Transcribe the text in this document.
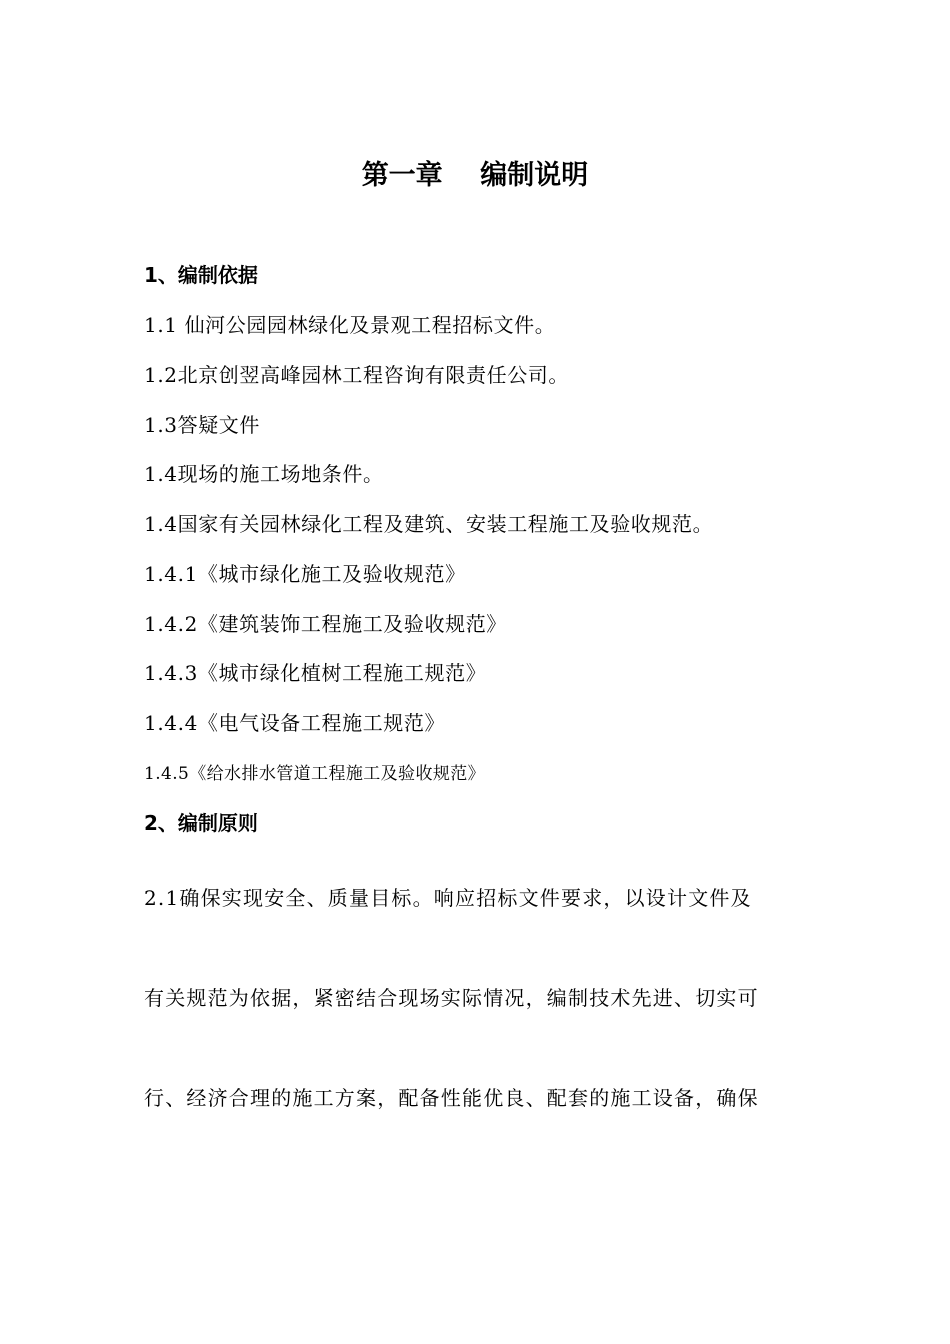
第一章    编制说明
1、编制依据
1.1 仙河公园园林绿化及景观工程招标文件。
1.2北京创翌高峰园林工程咨询有限责任公司。
1.3答疑文件
1.4现场的施工场地条件。
1.4国家有关园林绿化工程及建筑、安装工程施工及验收规范。
1.4.1《城市绿化施工及验收规范》
1.4.2《建筑装饰工程施工及验收规范》
1.4.3《城市绿化植树工程施工规范》
1.4.4《电气设备工程施工规范》
1.4.5《给水排水管道工程施工及验收规范》
2、编制原则
2.1确保实现安全、质量目标。响应招标文件要求，以设计文件及
有关规范为依据，紧密结合现场实际情况，编制技术先进、切实可
行、经济合理的施工方案，配备性能优良、配套的施工设备，确保
